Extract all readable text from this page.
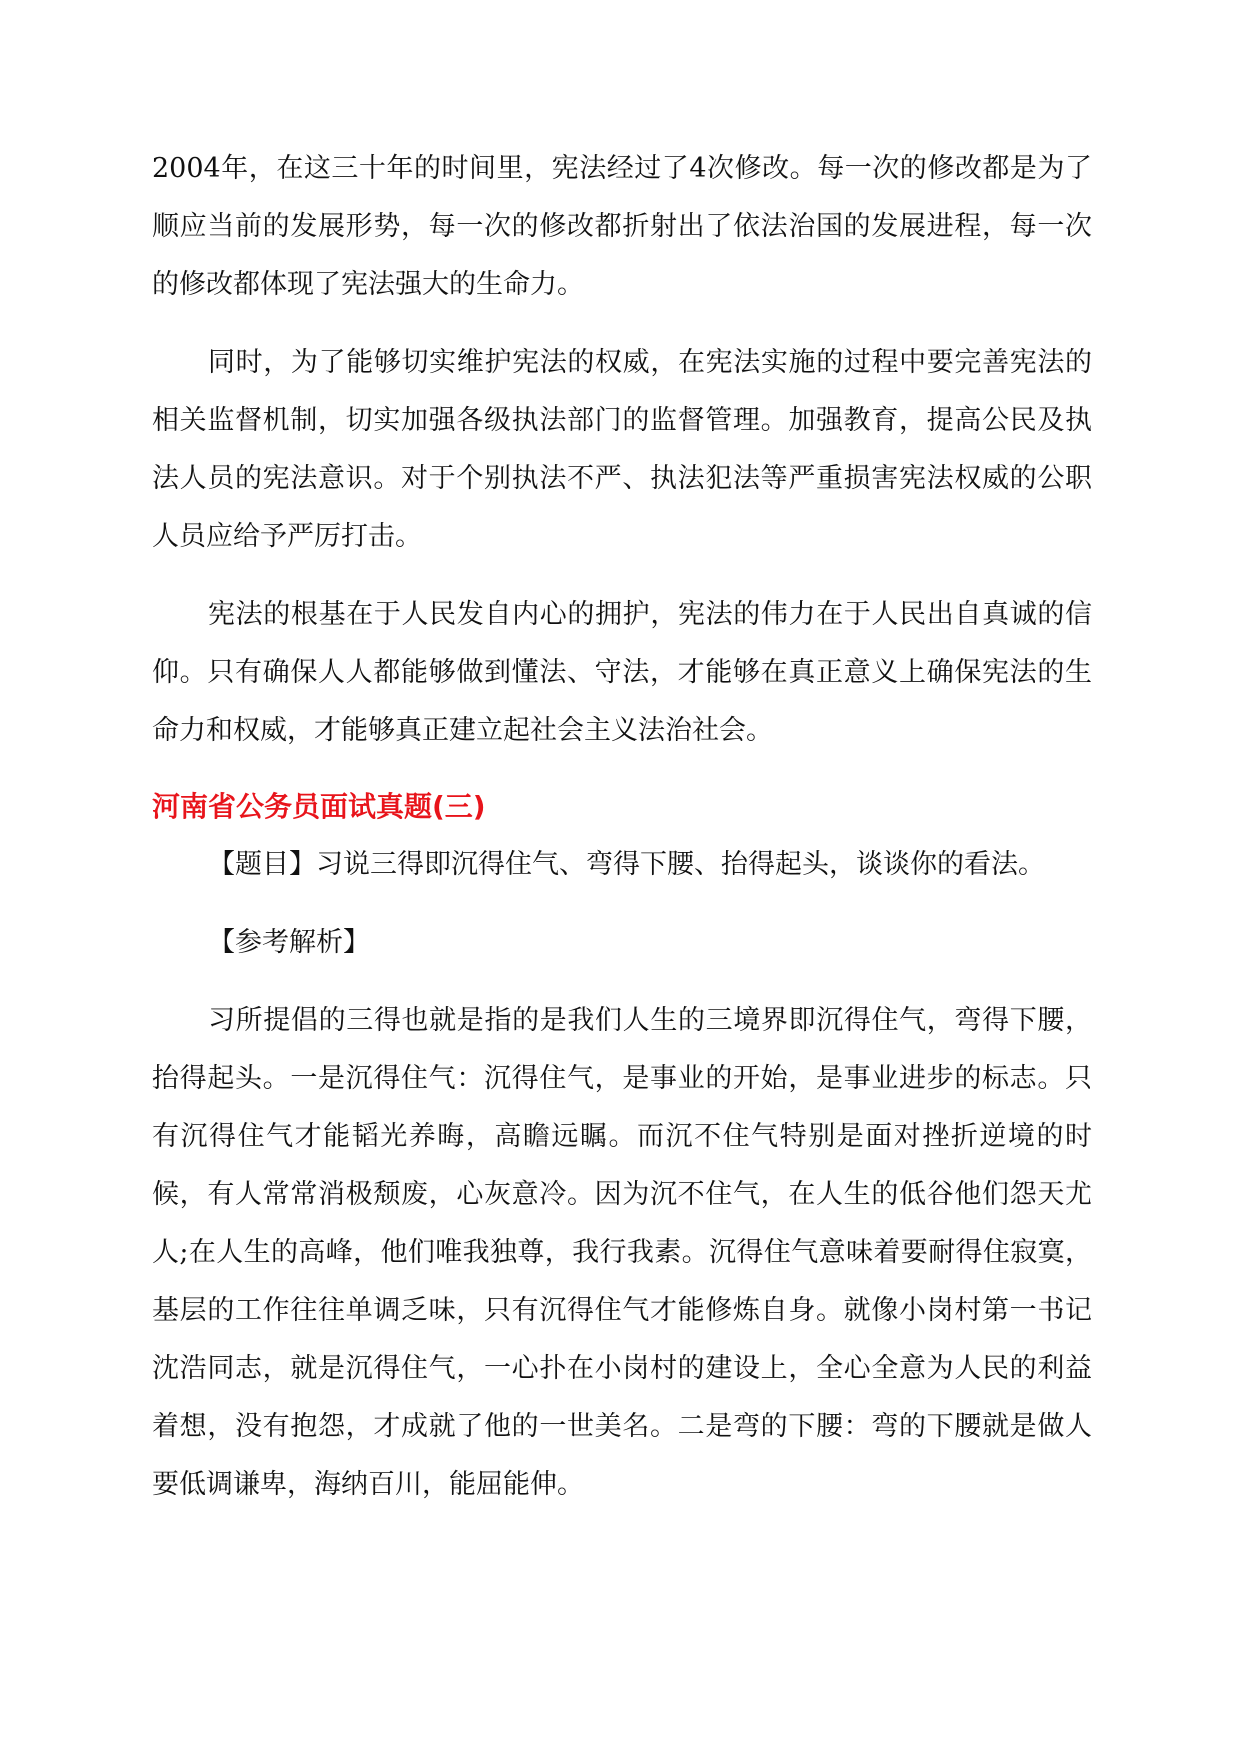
2004年，在这三十年的时间里，宪法经过了4次修改。每一次的修改都是为了顺应当前的发展形势，每一次的修改都折射出了依法治国的发展进程，每一次的修改都体现了宪法强大的生命力。

同时，为了能够切实维护宪法的权威，在宪法实施的过程中要完善宪法的相关监督机制，切实加强各级执法部门的监督管理。加强教育，提高公民及执法人员的宪法意识。对于个别执法不严、执法犯法等严重损害宪法权威的公职人员应给予严厉打击。

宪法的根基在于人民发自内心的拥护，宪法的伟力在于人民出自真诚的信仰。只有确保人人都能够做到懂法、守法，才能够在真正意义上确保宪法的生命力和权威，才能够真正建立起社会主义法治社会。

河南省公务员面试真题(三)

【题目】习说三得即沉得住气、弯得下腰、抬得起头，谈谈你的看法。

【参考解析】

习所提倡的三得也就是指的是我们人生的三境界即沉得住气，弯得下腰，抬得起头。一是沉得住气：沉得住气，是事业的开始，是事业进步的标志。只有沉得住气才能韬光养晦，高瞻远瞩。而沉不住气特别是面对挫折逆境的时候，有人常常消极颓废，心灰意冷。因为沉不住气，在人生的低谷他们怨天尤人;在人生的高峰，他们唯我独尊，我行我素。沉得住气意味着要耐得住寂寞，基层的工作往往单调乏味，只有沉得住气才能修炼自身。就像小岗村第一书记沈浩同志，就是沉得住气，一心扑在小岗村的建设上，全心全意为人民的利益着想，没有抱怨，才成就了他的一世美名。二是弯的下腰：弯的下腰就是做人要低调谦卑，海纳百川，能屈能伸。
